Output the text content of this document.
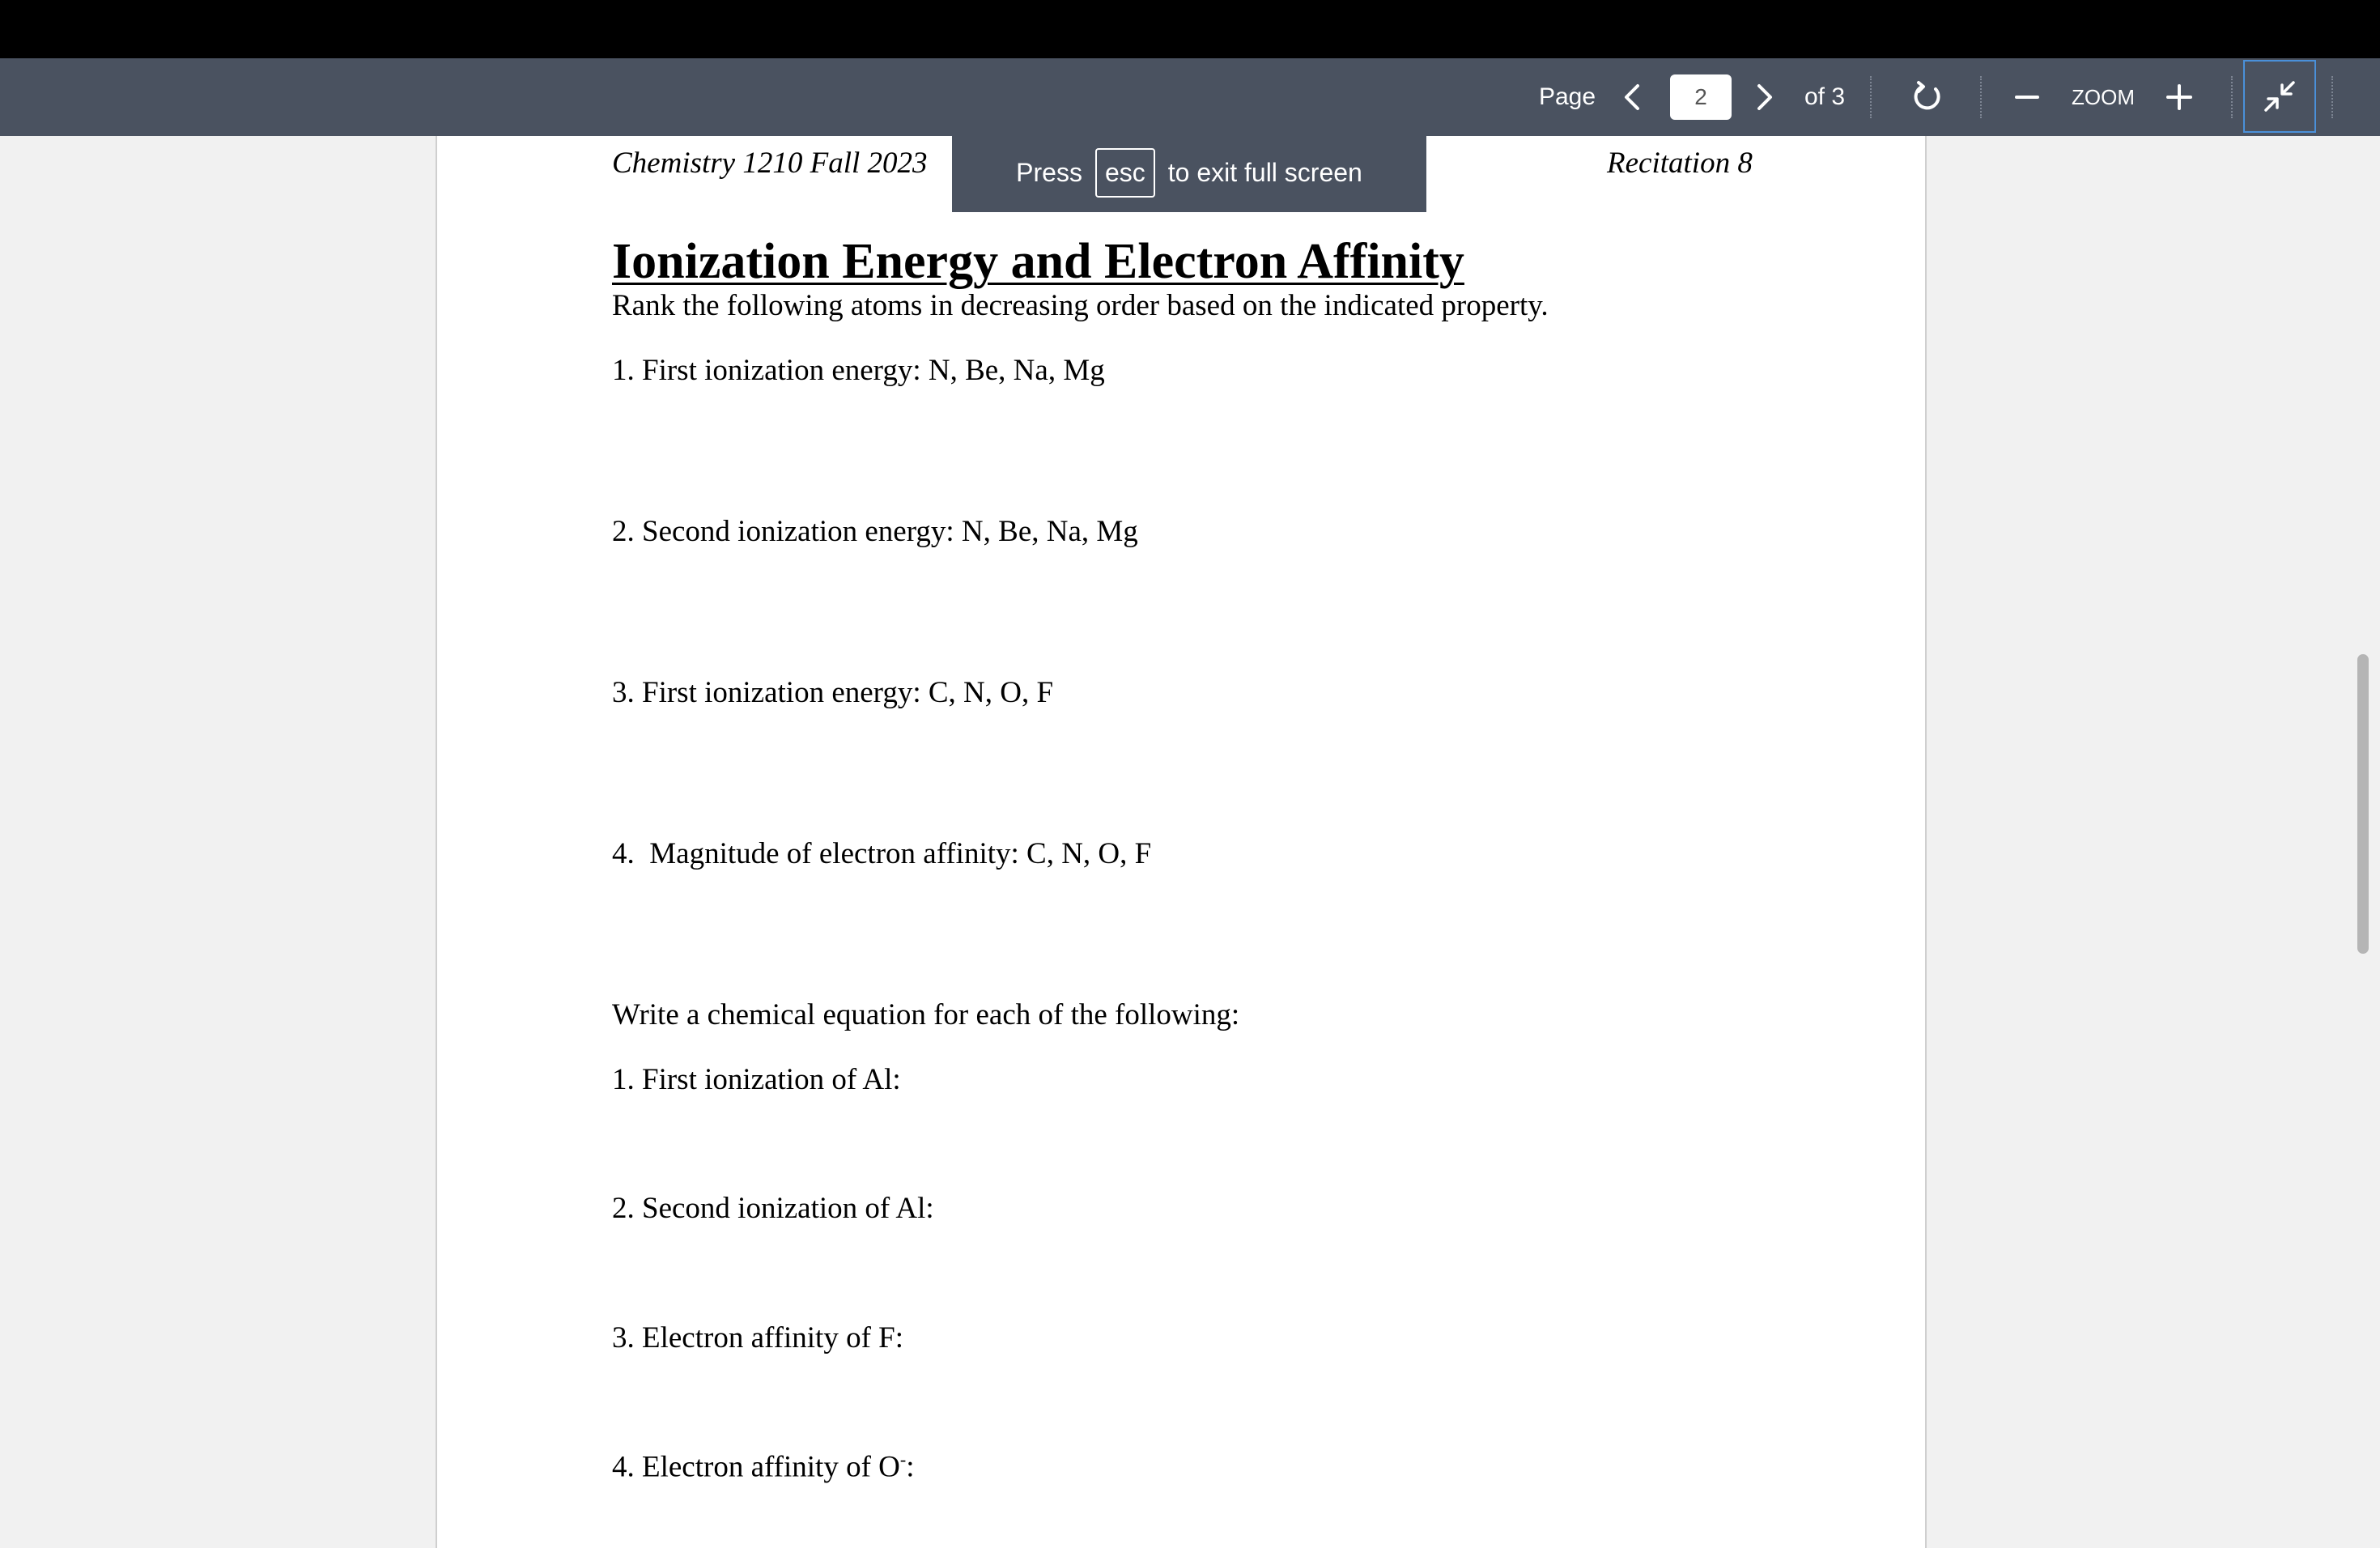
Page
2	of 3	ZOOM
Chemistry 1210 Fall 2023	Recitation 8
Ionization Energy and Electron Affinity
Rank the following atoms in decreasing order based on the indicated property.
1. First ionization energy: N, Be, Na, Mg
2. Second ionization energy: N, Be, Na, Mg
3. First ionization energy: C, N, O, F
4.  Magnitude of electron affinity: C, N, O, F
Write a chemical equation for each of the following:
1. First ionization of Al:
2. Second ionization of Al:
3. Electron affinity of F:
4. Electron affinity of O-:
Press esc to exit full screen
